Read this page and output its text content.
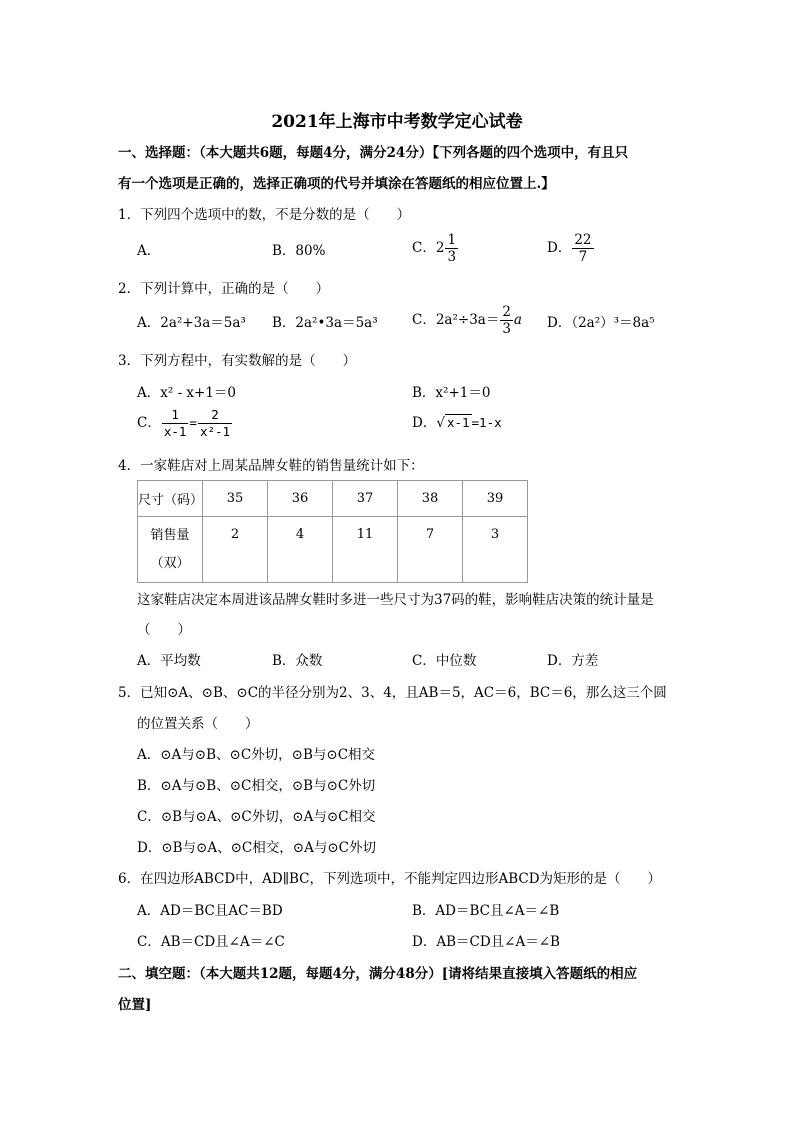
2021年上海市中考数学定心试卷
一、选择题：（本大题共6题，每题4分，满分24分）【下列各题的四个选项中，有且只
有一个选项是正确的，选择正确项的代号并填涂在答题纸的相应位置上.】
1．下列四个选项中的数，不是分数的是（　　）
A．	B．80%	C．$2 \frac{1}{3}$	D． $\frac{22}{7}$
2．下列计算中，正确的是（　　）
A．2a²+3a＝5a³ B．2a²•3a＝5a³	C．$2a^2\div 3a= \frac{2}{3}$ a D．（2a²）³＝8a⁵
3．下列方程中，有实数解的是（　　）
A．x² - x+1＝0	B．x²+1＝0
C． $\frac{1}{x-1} = \frac{2}{\text{x²-1}}$	D．√ x-1 =1-x
4．一家鞋店对上周某品牌女鞋的销售量统计如下：
尺寸（码）	35	36	37	38	39

销售量
（双）	2	4	11	7	3
这家鞋店决定本周进该品牌女鞋时多进一些尺寸为37码的鞋，影响鞋店决策的统计量是
（　　）
A．平均数	B．众数	C．中位数	D．方差
5．已知⊙A、⊙B、⊙C的半径分别为2、3、4，且AB＝5，AC＝6，BC＝6，那么这三个圆
的位置关系（　　）
A．⊙A与⊙B、⊙C外切，⊙B与⊙C相交
B．⊙A与⊙B、⊙C相交，⊙B与⊙C外切
C．⊙B与⊙A、⊙C外切，⊙A与⊙C相交
D．⊙B与⊙A、⊙C相交，⊙A与⊙C外切
6．在四边形ABCD中，AD∥BC，下列选项中，不能判定四边形ABCD为矩形的是（　　）
A．AD＝BC且AC＝BD	B．AD＝BC且∠A＝∠B
C．AB＝CD且∠A＝∠C	D．AB＝CD且∠A＝∠B
二、填空题：（本大题共12题，每题4分，满分48分）[请将结果直接填入答题纸的相应
位置]
